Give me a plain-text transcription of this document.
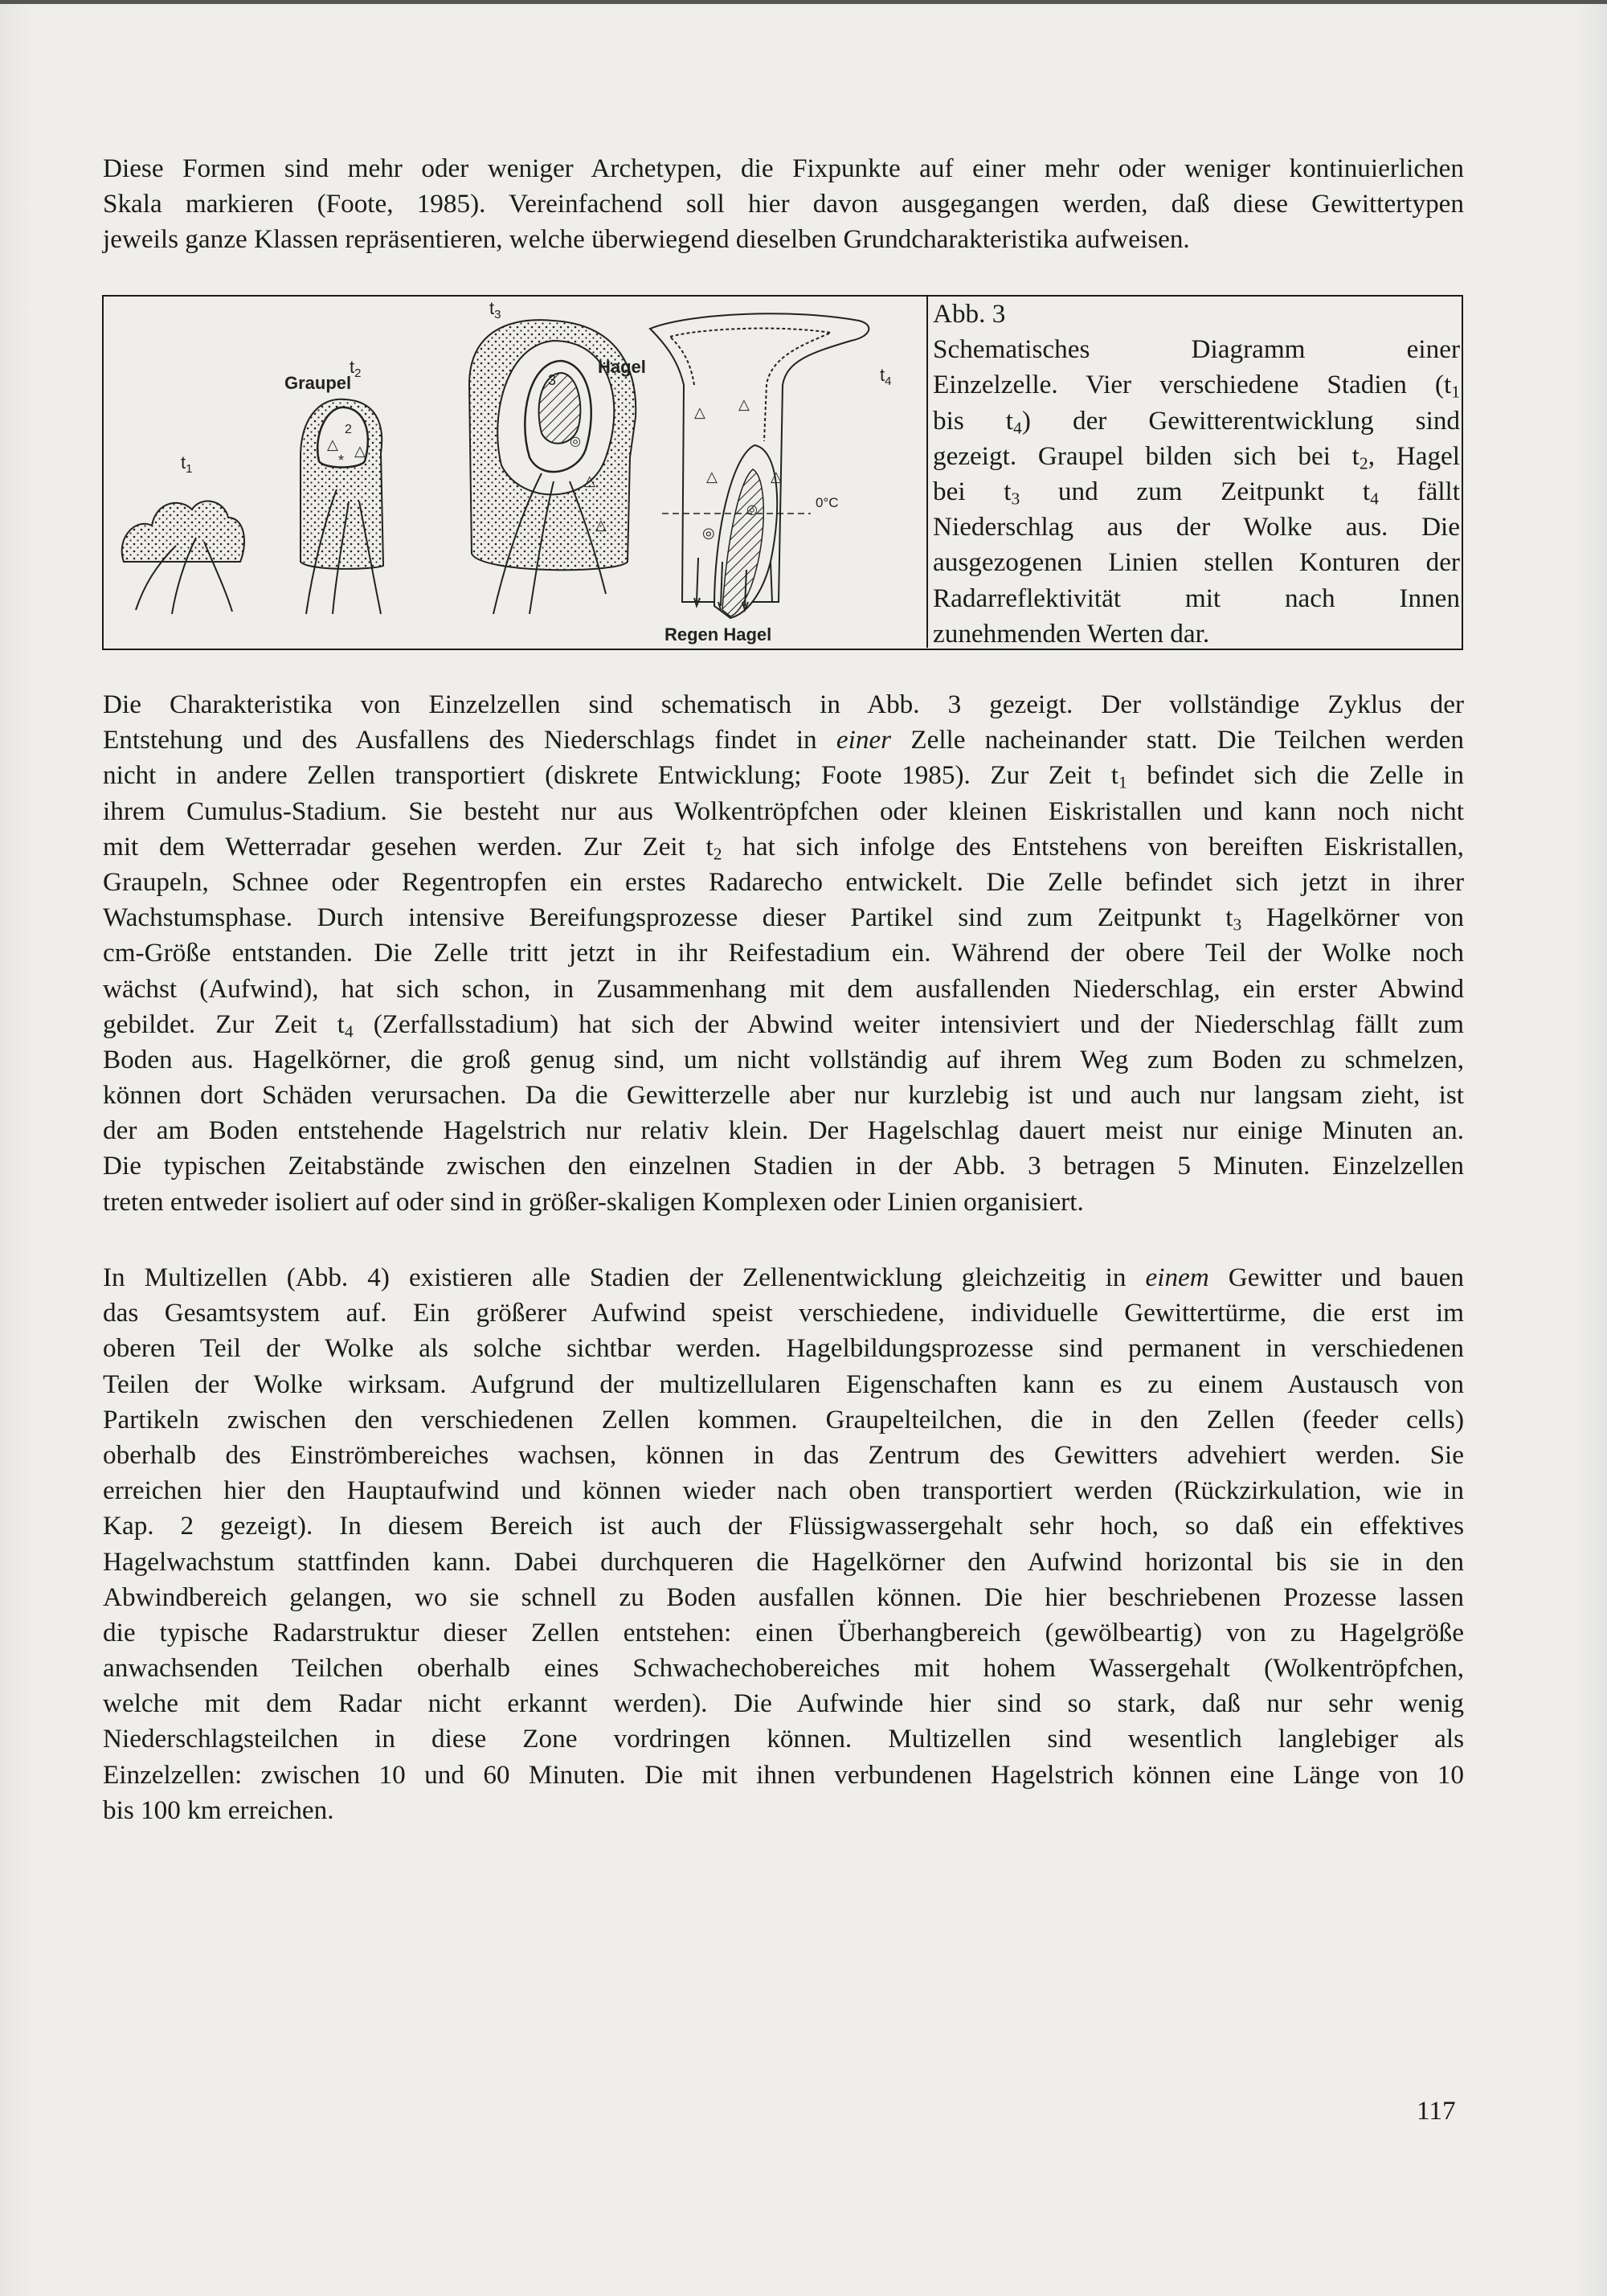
Diese Formen sind mehr oder weniger Archetypen, die Fixpunkte auf einer mehr oder weniger kontinuierlichen
Skala markieren (Foote, 1985). Vereinfachend soll hier davon ausgegangen werden, daß diese Gewittertypen
jeweils ganze Klassen repräsentieren, welche überwiegend dieselben Grundcharakteristika aufweisen.
$t_1$
△
2
*
△
Graupel
$t_2$	3
◎
△
△
Hagel
$t_3$
△ △
△	△
◎
◎	0°C
$t_4$
Regen Hagel
Abb. 3
Schematisches Diagramm einer
Einzelzelle. Vier verschiedene Stadien ($t_1$
bis $t_4$) der Gewitterentwicklung sind
gezeigt. Graupel bilden sich bei $t_2$, Hagel
bei $t_3$ und zum Zeitpunkt $t_4$ fällt
Niederschlag aus der Wolke aus. Die
ausgezogenen Linien stellen Konturen der
Radarreflektivität mit nach Innen
zunehmenden Werten dar.
Die Charakteristika von Einzelzellen sind schematisch in Abb. 3 gezeigt. Der vollständige Zyklus der
Entstehung und des Ausfallens des Niederschlags findet in einer Zelle nacheinander statt. Die Teilchen werden
nicht in andere Zellen transportiert (diskrete Entwicklung; Foote 1985). Zur Zeit $t_1$ befindet sich die Zelle in
ihrem Cumulus-Stadium. Sie besteht nur aus Wolkentröpfchen oder kleinen Eiskristallen und kann noch nicht
mit dem Wetterradar gesehen werden. Zur Zeit $t_2$ hat sich infolge des Entstehens von bereiften Eiskristallen,
Graupeln, Schnee oder Regentropfen ein erstes Radarecho entwickelt. Die Zelle befindet sich jetzt in ihrer
Wachstumsphase. Durch intensive Bereifungsprozesse dieser Partikel sind zum Zeitpunkt $t_3$ Hagelkörner von
cm-Größe entstanden. Die Zelle tritt jetzt in ihr Reifestadium ein. Während der obere Teil der Wolke noch
wächst (Aufwind), hat sich schon, in Zusammenhang mit dem ausfallenden Niederschlag, ein erster Abwind
gebildet. Zur Zeit $t_4$ (Zerfallsstadium) hat sich der Abwind weiter intensiviert und der Niederschlag fällt zum
Boden aus. Hagelkörner, die groß genug sind, um nicht vollständig auf ihrem Weg zum Boden zu schmelzen,
können dort Schäden verursachen. Da die Gewitterzelle aber nur kurzlebig ist und auch nur langsam zieht, ist
der am Boden entstehende Hagelstrich nur relativ klein. Der Hagelschlag dauert meist nur einige Minuten an.
Die typischen Zeitabstände zwischen den einzelnen Stadien in der Abb. 3 betragen 5 Minuten. Einzelzellen
treten entweder isoliert auf oder sind in größer-skaligen Komplexen oder Linien organisiert.
In Multizellen (Abb. 4) existieren alle Stadien der Zellenentwicklung gleichzeitig in einem Gewitter und bauen
das Gesamtsystem auf. Ein größerer Aufwind speist verschiedene, individuelle Gewittertürme, die erst im
oberen Teil der Wolke als solche sichtbar werden. Hagelbildungsprozesse sind permanent in verschiedenen
Teilen der Wolke wirksam. Aufgrund der multizellularen Eigenschaften kann es zu einem Austausch von
Partikeln zwischen den verschiedenen Zellen kommen. Graupelteilchen, die in den Zellen (feeder cells)
oberhalb des Einströmbereiches wachsen, können in das Zentrum des Gewitters advehiert werden. Sie
erreichen hier den Hauptaufwind und können wieder nach oben transportiert werden (Rückzirkulation, wie in
Kap. 2 gezeigt). In diesem Bereich ist auch der Flüssigwassergehalt sehr hoch, so daß ein effektives
Hagelwachstum stattfinden kann. Dabei durchqueren die Hagelkörner den Aufwind horizontal bis sie in den
Abwindbereich gelangen, wo sie schnell zu Boden ausfallen können. Die hier beschriebenen Prozesse lassen
die typische Radarstruktur dieser Zellen entstehen: einen Überhangbereich (gewölbeartig) von zu Hagelgröße
anwachsenden Teilchen oberhalb eines Schwachechobereiches mit hohem Wassergehalt (Wolkentröpfchen,
welche mit dem Radar nicht erkannt werden). Die Aufwinde hier sind so stark, daß nur sehr wenig
Niederschlagsteilchen in diese Zone vordringen können. Multizellen sind wesentlich langlebiger als
Einzelzellen: zwischen 10 und 60 Minuten. Die mit ihnen verbundenen Hagelstrich können eine Länge von 10
bis 100 km erreichen.
117
